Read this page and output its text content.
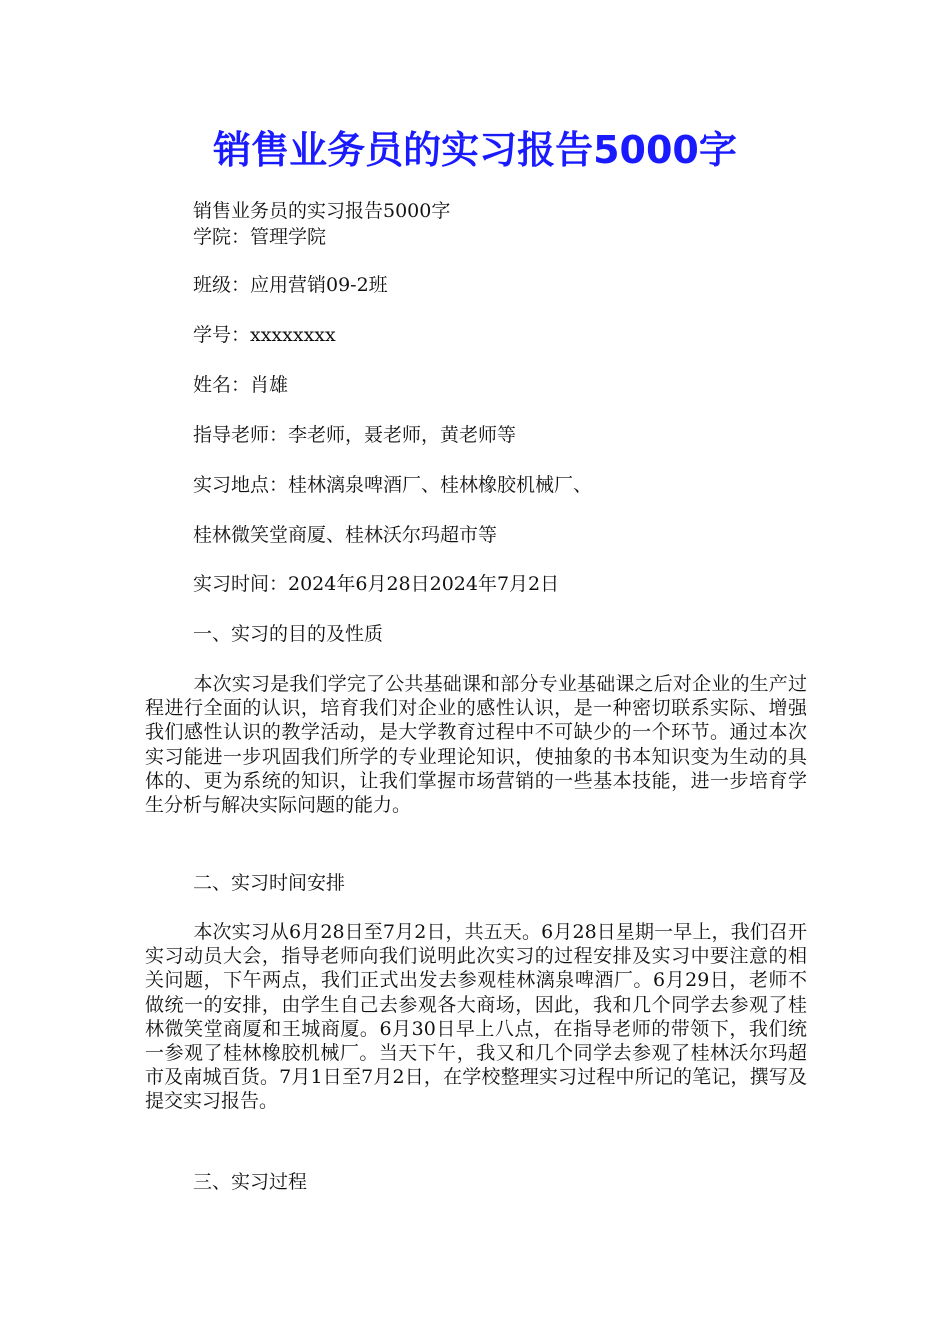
销售业务员的实习报告5000字

销售业务员的实习报告5000字

学院：管理学院

班级：应用营销09-2班

学号：xxxxxxxx

姓名：肖雄

指导老师：李老师，聂老师，黄老师等

实习地点：桂林漓泉啤酒厂、桂林橡胶机械厂、

桂林微笑堂商厦、桂林沃尔玛超市等

实习时间：2024年6月28日2024年7月2日

一、实习的目的及性质

本次实习是我们学完了公共基础课和部分专业基础课之后对企业的生产过程进行全面的认识，培育我们对企业的感性认识，是一种密切联系实际、增强我们感性认识的教学活动，是大学教育过程中不可缺少的一个环节。通过本次实习能进一步巩固我们所学的专业理论知识，使抽象的书本知识变为生动的具体的、更为系统的知识，让我们掌握市场营销的一些基本技能，进一步培育学生分析与解决实际问题的能力。

二、实习时间安排

本次实习从6月28日至7月2日，共五天。6月28日星期一早上，我们召开实习动员大会，指导老师向我们说明此次实习的过程安排及实习中要注意的相关问题，下午两点，我们正式出发去参观桂林漓泉啤酒厂。6月29日，老师不做统一的安排，由学生自己去参观各大商场，因此，我和几个同学去参观了桂林微笑堂商厦和王城商厦。6月30日早上八点，在指导老师的带领下，我们统一参观了桂林橡胶机械厂。当天下午，我又和几个同学去参观了桂林沃尔玛超市及南城百货。7月1日至7月2日，在学校整理实习过程中所记的笔记，撰写及提交实习报告。

三、实习过程
